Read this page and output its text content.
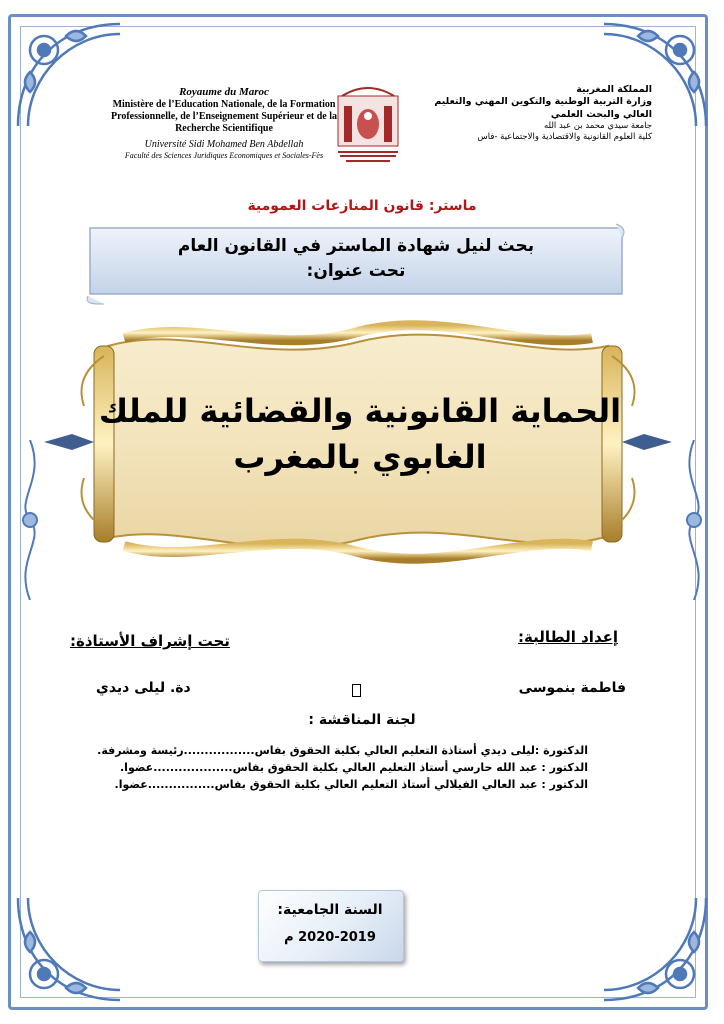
Royaume du Maroc
Ministère de l’Education Nationale, de la Formation Professionnelle, de l’Enseignement Supérieur et de la Recherche Scientifique
Université Sidi Mohamed Ben Abdellah
Faculté des Sciences Juridiques Economiques et Sociales-Fès
المملكة المغربية
وزارة التربية الوطنية والتكوين المهني والتعليم
العالي والبحث العلمي
جامعة سيدي محمد بن عبد الله
كلية العلوم القانونية والاقتصادية والاجتماعية -فاس
ماستر: قانون المنازعات العمومية
بحث لنيل شهادة الماستر في القانون العام
تحت عنوان:
الحماية القانونية والقضائية للملك
الغابوي بالمغرب
إعداد الطالبة:
فاطمة بنموسى
تحت إشراف الأستاذة:
دة. ليلى ديدي
لجنة المناقشة :
الدكتورة :ليلى ديدي أستاذة التعليم العالي بكلية الحقوق بفاس.................رئيسة ومشرفة.
الدكتور : عبد الله حارسي أستاذ التعليم العالي بكلية الحقوق بفاس...................عضوا.
الدكتور : عبد العالي الفيلالي أستاذ التعليم العالي بكلية الحقوق بفاس................عضوا.
السنة الجامعية:
2020-2019 م
